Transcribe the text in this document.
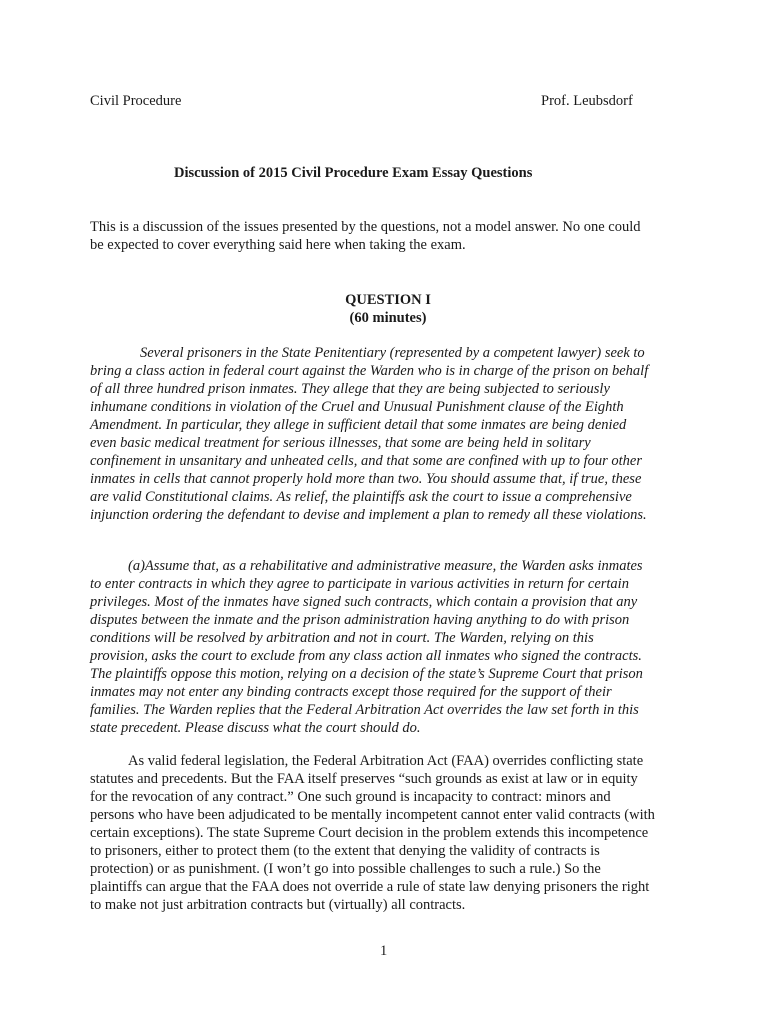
Civil Procedure	Prof. Leubsdorf
Discussion of 2015 Civil Procedure Exam Essay Questions
This is a discussion of the issues presented by the questions, not a model answer. No one could
be expected to cover everything said here when taking the exam.
QUESTION I
(60 minutes)
Several prisoners in the State Penitentiary (represented by a competent lawyer) seek to
bring a class action in federal court against the Warden who is in charge of the prison on behalf
of all three hundred prison inmates. They allege that they are being subjected to seriously
inhumane conditions in violation of the Cruel and Unusual Punishment clause of the Eighth
Amendment. In particular, they allege in sufficient detail that some inmates are being denied
even basic medical treatment for serious illnesses, that some are being held in solitary
confinement in unsanitary and unheated cells, and that some are confined with up to four other
inmates in cells that cannot properly hold more than two. You should assume that, if true, these
are valid Constitutional claims. As relief, the plaintiffs ask the court to issue a comprehensive
injunction ordering the defendant to devise and implement a plan to remedy all these violations.
(a)Assume that, as a rehabilitative and administrative measure, the Warden asks inmates
to enter contracts in which they agree to participate in various activities in return for certain
privileges. Most of the inmates have signed such contracts, which contain a provision that any
disputes between the inmate and the prison administration having anything to do with prison
conditions will be resolved by arbitration and not in court. The Warden, relying on this
provision, asks the court to exclude from any class action all inmates who signed the contracts.
The plaintiffs oppose this motion, relying on a decision of the state’s Supreme Court that prison
inmates may not enter any binding contracts except those required for the support of their
families. The Warden replies that the Federal Arbitration Act overrides the law set forth in this
state precedent. Please discuss what the court should do.
As valid federal legislation, the Federal Arbitration Act (FAA) overrides conflicting state
statutes and precedents. But the FAA itself preserves “such grounds as exist at law or in equity
for the revocation of any contract.” One such ground is incapacity to contract: minors and
persons who have been adjudicated to be mentally incompetent cannot enter valid contracts (with
certain exceptions). The state Supreme Court decision in the problem extends this incompetence
to prisoners, either to protect them (to the extent that denying the validity of contracts is
protection) or as punishment. (I won’t go into possible challenges to such a rule.) So the
plaintiffs can argue that the FAA does not override a rule of state law denying prisoners the right
to make not just arbitration contracts but (virtually) all contracts.
1
